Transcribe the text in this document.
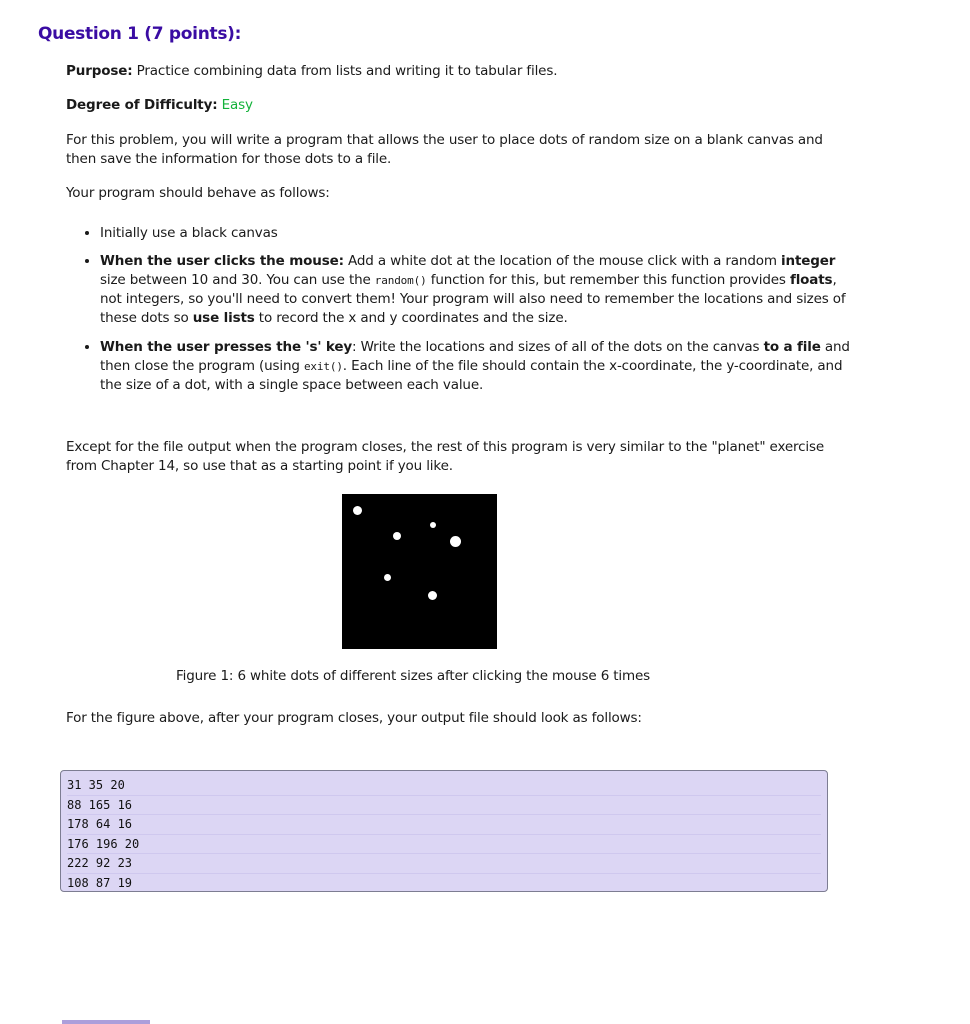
Question 1 (7 points):
Purpose: Practice combining data from lists and writing it to tabular files.
Degree of Difficulty: Easy
For this problem, you will write a program that allows the user to place dots of random size on a blank canvas and then save the information for those dots to a file.
Your program should behave as follows:
• Initially use a black canvas
• When the user clicks the mouse: Add a white dot at the location of the mouse click with a random integer size between 10 and 30. You can use the random() function for this, but remember this function provides floats, not integers, so you'll need to convert them! Your program will also need to remember the locations and sizes of these dots so use lists to record the x and y coordinates and the size.
• When the user presses the 's' key: Write the locations and sizes of all of the dots on the canvas to a file and then close the program (using exit(). Each line of the file should contain the x-coordinate, the y-coordinate, and the size of a dot, with a single space between each value.
Except for the file output when the program closes, the rest of this program is very similar to the "planet" exercise from Chapter 14, so use that as a starting point if you like.
Figure 1: 6 white dots of different sizes after clicking the mouse 6 times
For the figure above, after your program closes, your output file should look as follows:
31 35 20
88 165 16
178 64 16
176 196 20
222 92 23
108 87 19
